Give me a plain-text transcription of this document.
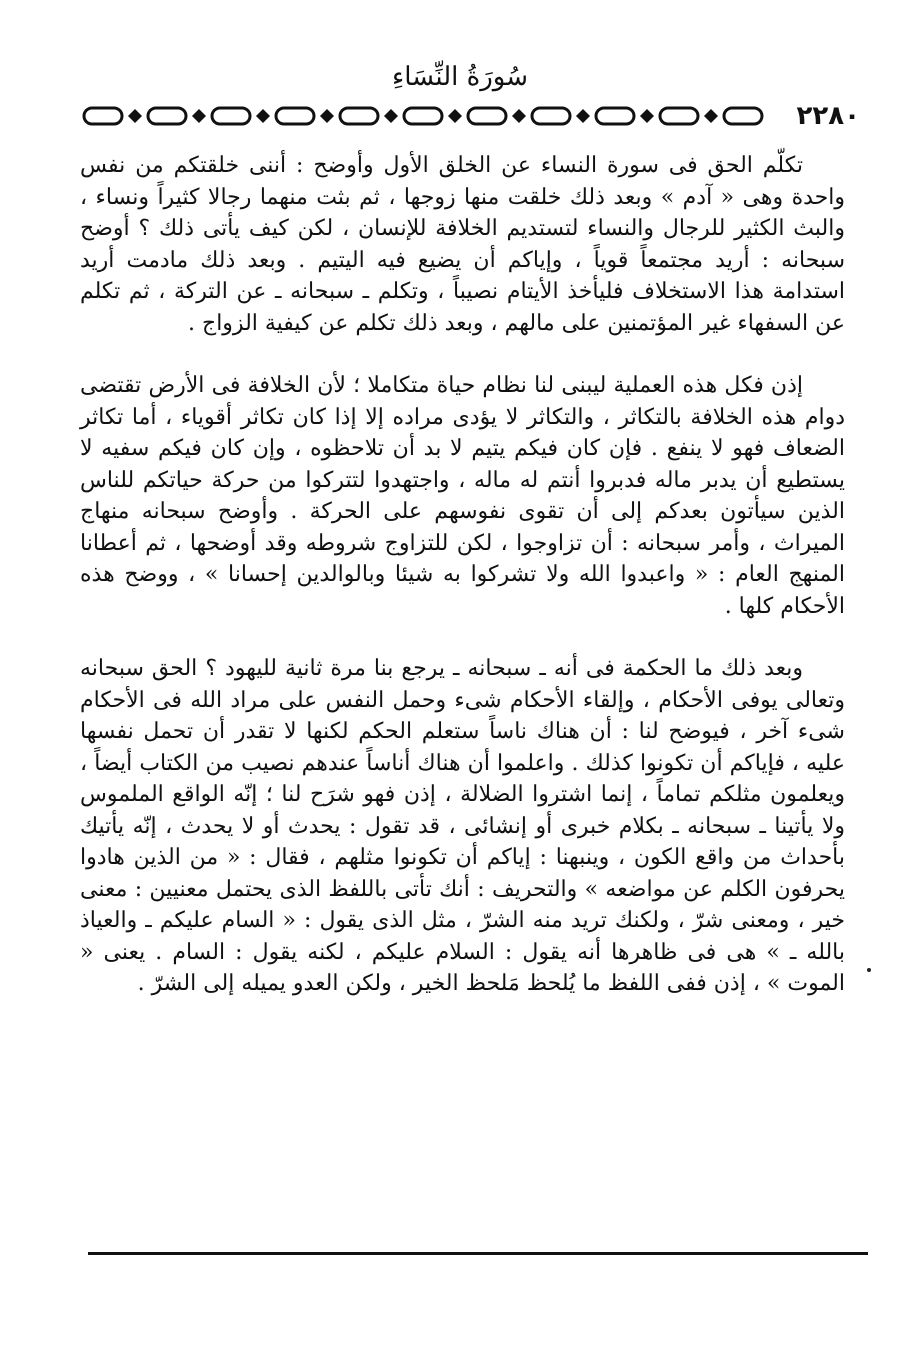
سُورَةُ النِّسَاءِ
٢٢٨٠

تكلّم الحق فى سورة النساء عن الخلق الأول وأوضح : أننى خلقتكم من نفس واحدة وهى « آدم » وبعد ذلك خلقت منها زوجها ، ثم بثت منهما رجالا كثيراً ونساء ، والبث الكثير للرجال والنساء لتستديم الخلافة للإنسان ، لكن كيف يأتى ذلك ؟ أوضح سبحانه : أريد مجتمعاً قوياً ، وإياكم أن يضيع فيه اليتيم . وبعد ذلك مادمت أريد استدامة هذا الاستخلاف فليأخذ الأيتام نصيباً ، وتكلم ـ سبحانه ـ عن التركة ، ثم تكلم عن السفهاء غير المؤتمنين على مالهم ، وبعد ذلك تكلم عن كيفية الزواج .

إذن فكل هذه العملية ليبنى لنا نظام حياة متكاملا ؛ لأن الخلافة فى الأرض تقتضى دوام هذه الخلافة بالتكاثر ، والتكاثر لا يؤدى مراده إلا إذا كان تكاثر أقوياء ، أما تكاثر الضعاف فهو لا ينفع . فإن كان فيكم يتيم لا بد أن تلاحظوه ، وإن كان فيكم سفيه لا يستطيع أن يدبر ماله فدبروا أنتم له ماله ، واجتهدوا لتتركوا من حركة حياتكم للناس الذين سيأتون بعدكم إلى أن تقوى نفوسهم على الحركة . وأوضح سبحانه منهاج الميراث ، وأمر سبحانه : أن تزاوجوا ، لكن للتزاوج شروطه وقد أوضحها ، ثم أعطانا المنهج العام : « واعبدوا الله ولا تشركوا به شيئا وبالوالدين إحسانا » ، ووضح هذه الأحكام كلها .

وبعد ذلك ما الحكمة فى أنه ـ سبحانه ـ يرجع بنا مرة ثانية لليهود ؟ الحق سبحانه وتعالى يوفى الأحكام ، وإلقاء الأحكام شىء وحمل النفس على مراد الله فى الأحكام شىء آخر ، فيوضح لنا : أن هناك ناساً ستعلم الحكم لكنها لا تقدر أن تحمل نفسها عليه ، فإياكم أن تكونوا كذلك . واعلموا أن هناك أناساً عندهم نصيب من الكتاب أيضاً ، ويعلمون مثلكم تماماً ، إنما اشتروا الضلالة ، إذن فهو شرَح لنا ؛ إنّه الواقع الملموس ولا يأتينا ـ سبحانه ـ بكلام خبرى أو إنشائى ، قد تقول : يحدث أو لا يحدث ، إنّه يأتيك بأحداث من واقع الكون ، وينبهنا : إياكم أن تكونوا مثلهم ، فقال : « من الذين هادوا يحرفون الكلم عن مواضعه » والتحريف : أنك تأتى باللفظ الذى يحتمل معنيين : معنى خير ، ومعنى شرّ ، ولكنك تريد منه الشرّ ، مثل الذى يقول : « السام عليكم ـ والعياذ بالله ـ » هى فى ظاهرها أنه يقول : السلام عليكم ، لكنه يقول : السام . يعنى « الموت » ، إذن ففى اللفظ ما يُلحظ مَلحظ الخير ، ولكن العدو يميله إلى الشرّ .
